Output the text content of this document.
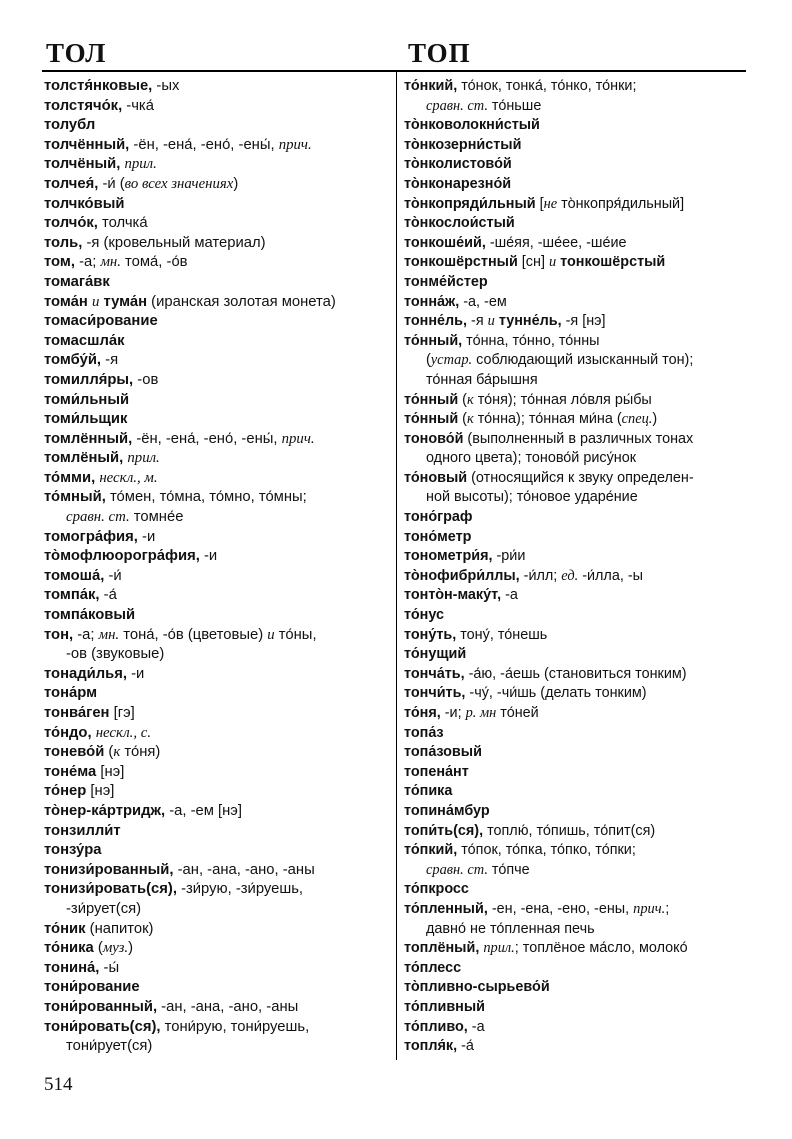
ТОЛ	ТОП
толстя́нковые, -ых
толстячо́к, -чка́
толубл
толчённый, -ён, -ена́, -ено́, -ены́, прич.
толчёный, прил.
толчея́, -и́ (во всех значениях)
толчко́вый
толчо́к, толчка́
толь, -я (кровельный материал)
том, -а; мн. тома́, -о́в
томага́вк
тома́н и тума́н (иранская золотая монета)
томаси́рование
томасшла́к
томбу́й, -я
томилля́ры, -ов
томи́льный
томи́льщик
томлённый, -ён, -ена́, -ено́, -ены́, прич.
томлёный, прил.
то́мми, нескл., м.
то́мный, то́мен, то́мна, то́мно, то́мны;
сравн. ст. томне́е
томогра́фия, -и
то̀мофлюорогра́фия, -и
томоша́, -и́
томпа́к, -а́
томпа́ковый
тон, -а; мн. тона́, -о́в (цветовые) и то́ны,
-ов (звуковые)
тонади́лья, -и
тона́рм
тонва́ген [гэ]
то́ндо, нескл., с.
тонево́й (к то́ня)
тоне́ма [нэ]
то́нер [нэ]
то̀нер-ка́ртридж, -а, -ем [нэ]
тонзилли́т
тонзу́ра
тонизи́рованный, -ан, -ана, -ано, -аны
тонизи́ровать(ся), -зи́рую, -зи́руешь,
-зи́рует(ся)
то́ник (напиток)
то́ника (муз.)
тонина́, -ы́
тони́рование
тони́рованный, -ан, -ана, -ано, -аны
тони́ровать(ся), тони́рую, тони́руешь,
тони́рует(ся)
то́нкий, то́нок, тонка́, то́нко, то́нки;
сравн. ст. то́ньше
то̀нковолокни́стый
то̀нкозерни́стый
то̀нколистово́й
то̀нконарезно́й
то̀нкопряди́льный [не то̀нкопря́дильный]
то̀нкослои́стый
тонкоше́ий, -ше́яя, -ше́ее, -ше́ие
тонкошёрстный [сн] и тонкошёрстый
тонме́йстер
тонна́ж, -а, -ем
тонне́ль, -я и тунне́ль, -я [нэ]
то́нный, то́нна, то́нно, то́нны
(устар. соблюдающий изысканный тон);
то́нная ба́рышня
то́нный (к то́ня); то́нная ло́вля ры́бы
то́нный (к то́нна); то́нная ми́на (спец.)
тоново́й (выполненный в различных тонах
одного цвета); тоново́й рису́нок
то́новый (относящийся к звуку определен-
ной высоты); то́новое ударе́ние
тоно́граф
тоно́метр
тонометри́я, -ри́и
то̀нофибри́ллы, -и́лл; ед. -и́лла, -ы
тонто̀н-маку́т, -а
то́нус
тону́ть, тону́, то́нешь
то́нущий
тонча́ть, -а́ю, -а́ешь (становиться тонким)
тончи́ть, -чу́, -чи́шь (делать тонким)
то́ня, -и; р. мн то́ней
топа́з
топа́зовый
топена́нт
то́пика
топина́мбур
топи́ть(ся), топлю́, то́пишь, то́пит(ся)
то́пкий, то́пок, то́пка, то́пко, то́пки;
сравн. ст. то́пче
то́пкросс
то́пленный, -ен, -ена, -ено, -ены, прич.;
давно́ не то́пленная печь
топлёный, прил.; топлёное ма́сло, молоко́
то́плесс
то̀пливно-сырьево́й
то́пливный
то́пливо, -а
топля́к, -а́
514
